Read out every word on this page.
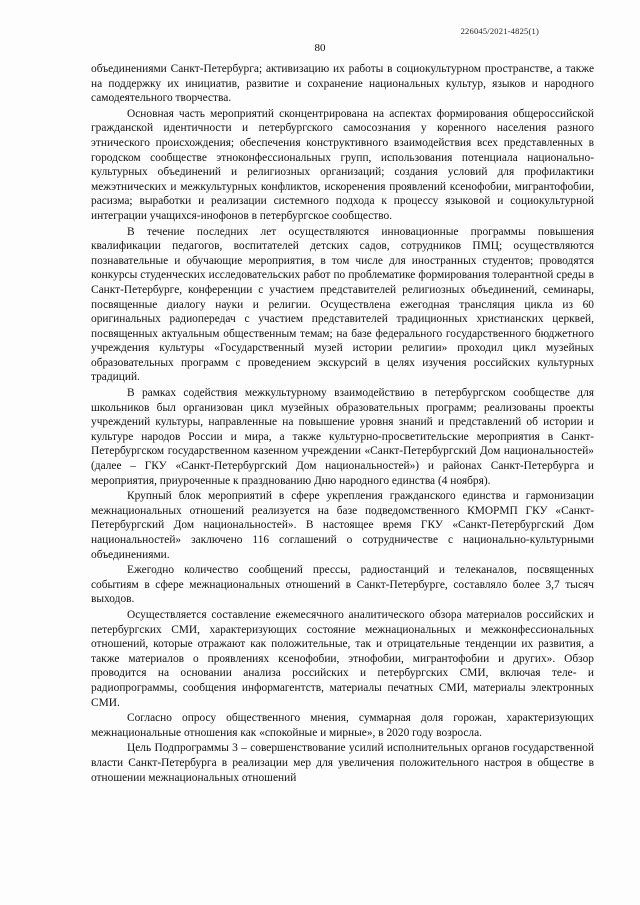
226045/2021-4825(1)
80

объединениями Санкт-Петербурга; активизацию их работы в социокультурном пространстве, а также на поддержку их инициатив, развитие и сохранение национальных культур, языков и народного самодеятельного творчества.

Основная часть мероприятий сконцентрирована на аспектах формирования общероссийской гражданской идентичности и петербургского самосознания у коренного населения разного этнического происхождения; обеспечения конструктивного взаимодействия всех представленных в городском сообществе этноконфессиональных групп, использования потенциала национально-культурных объединений и религиозных организаций; создания условий для профилактики межэтнических и межкультурных конфликтов, искоренения проявлений ксенофобии, мигрантофобии, расизма; выработки и реализации системного подхода к процессу языковой и социокультурной интеграции учащихся-инофонов в петербургское сообщество.

В течение последних лет осуществляются инновационные программы повышения квалификации педагогов, воспитателей детских садов, сотрудников ПМЦ; осуществляются познавательные и обучающие мероприятия, в том числе для иностранных студентов; проводятся конкурсы студенческих исследовательских работ по проблематике формирования толерантной среды в Санкт-Петербурге, конференции с участием представителей религиозных объединений, семинары, посвященные диалогу науки и религии. Осуществлена ежегодная трансляция цикла из 60 оригинальных радиопередач с участием представителей традиционных христианских церквей, посвященных актуальным общественным темам; на базе федерального государственного бюджетного учреждения культуры «Государственный музей истории религии» проходил цикл музейных образовательных программ с проведением экскурсий в целях изучения российских культурных традиций.

В рамках содействия межкультурному взаимодействию в петербургском сообществе для школьников был организован цикл музейных образовательных программ; реализованы проекты учреждений культуры, направленные на повышение уровня знаний и представлений об истории и культуре народов России и мира, а также культурно-просветительские мероприятия в Санкт-Петербургском государственном казенном учреждении «Санкт-Петербургский Дом национальностей» (далее – ГКУ «Санкт-Петербургский Дом национальностей») и районах Санкт-Петербурга и мероприятия, приуроченные к празднованию Дню народного единства (4 ноября).

Крупный блок мероприятий в сфере укрепления гражданского единства и гармонизации межнациональных отношений реализуется на базе подведомственного КМОРМП ГКУ «Санкт-Петербургский Дом национальностей». В настоящее время ГКУ «Санкт-Петербургский Дом национальностей» заключено 116 соглашений о сотрудничестве с национально-культурными объединениями.

Ежегодно количество сообщений прессы, радиостанций и телеканалов, посвященных событиям в сфере межнациональных отношений в Санкт-Петербурге, составляло более 3,7 тысяч выходов.

Осуществляется составление ежемесячного аналитического обзора материалов российских и петербургских СМИ, характеризующих состояние межнациональных и межконфессиональных отношений, которые отражают как положительные, так и отрицательные тенденции их развития, а также материалов о проявлениях ксенофобии, этнофобии, мигрантофобии и других». Обзор проводится на основании анализа российских и петербургских СМИ, включая теле- и радиопрограммы, сообщения информагентств, материалы печатных СМИ, материалы электронных СМИ.

Согласно опросу общественного мнения, суммарная доля горожан, характеризующих межнациональные отношения как «спокойные и мирные», в 2020 году возросла.

Цель Подпрограммы 3 – совершенствование усилий исполнительных органов государственной власти Санкт-Петербурга в реализации мер для увеличения положительного настроя в обществе в отношении межнациональных отношений
